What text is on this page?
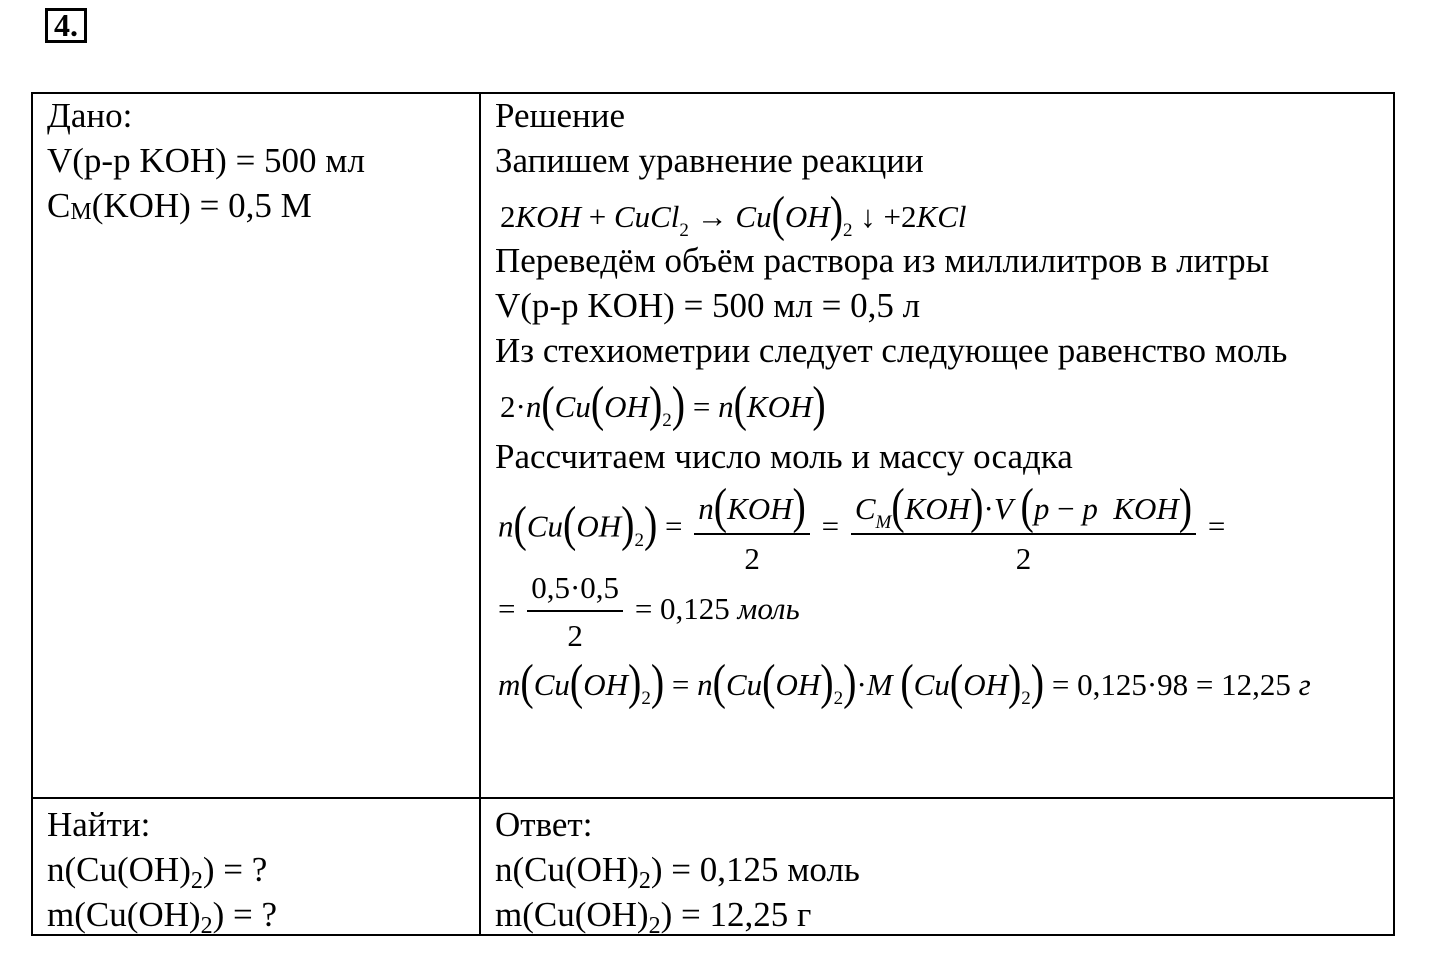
4.
Дано:
V(р-р KOH) = 500 мл
CM(KOH) = 0,5 M
Найти:
$n(Cu(OH)_2)$ = ?
$m(Cu(OH)_2)$ = ?
Решение
Запишем уравнение реакции
2KOH + CuCl$_2$ → $Cu(OH)_2$ ↓ +2KCl
Переведём объём раствора из миллилитров в литры
V(р-р KOH) = 500 мл = 0,5 л
Из стехиометрии следует следующее равенство моль
$2\cdot n(Cu(OH)_2) = n(KOH)$
Рассчитаем число моль и массу осадка
$n(Cu(OH)_2) = \frac{\text{n(KOH)}}{2} = \frac{C_M(KOH)\cdot V (p - p KOH)}{2}$ =
= $\frac{0,5\cdot 0,5}{2} = 0,125$ моль
$m(Cu(OH)_2) = n(Cu(OH)_2)\cdot M$ $(Cu(OH)_2) = 0,125\cdot 98 = 12,25$ г
Ответ:
$n(Cu(OH)_2) = 0,125$ моль
$m(Cu(OH)_2) = 12,25$ г
